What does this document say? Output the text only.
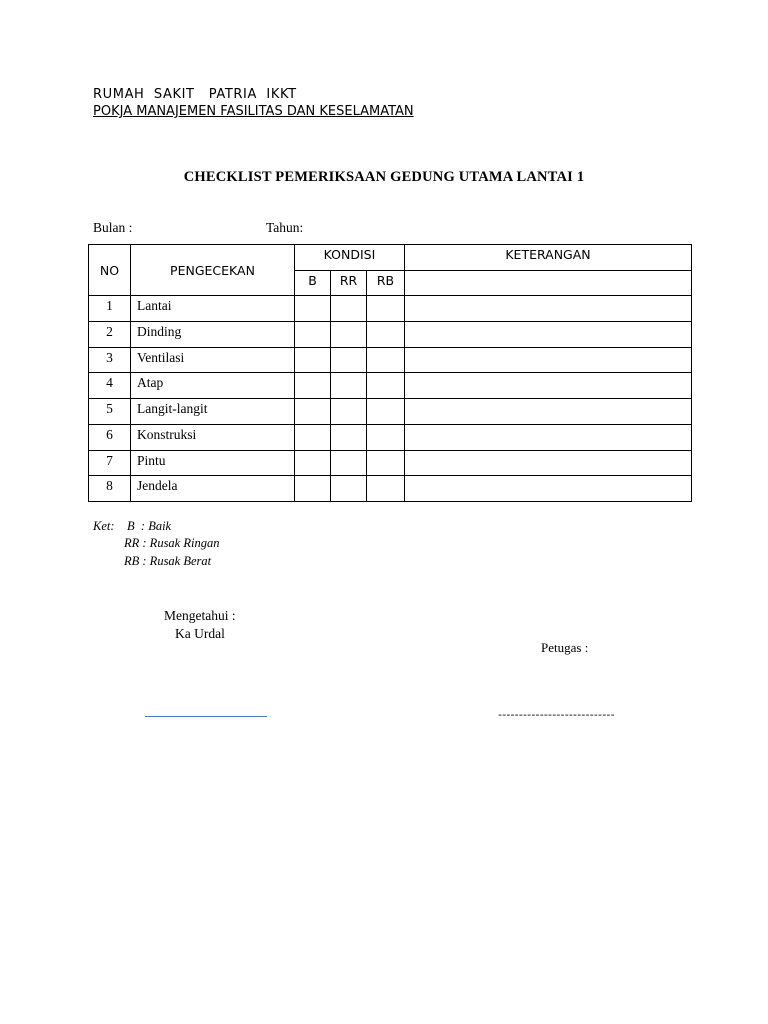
RUMAH  SAKIT   PATRIA  IKKT
POKJA MANAJEMEN FASILITAS DAN KESELAMATAN
CHECKLIST PEMERIKSAAN GEDUNG UTAMA LANTAI 1
Bulan :	Tahun:
NO	PENGECEKAN	KONDISI			KETERANGAN
		B	RR	RB	
1	Lantai				
2	Dinding				
3	Ventilasi				
4	Atap				
5	Langit-langit				
6	Konstruksi				
7	Pintu				
8	Jendela				
Ket:    B  : Baik
RR : Rusak Ringan
RB : Rusak Berat
Mengetahui :
Ka Urdal
Petugas :
----------------------------
